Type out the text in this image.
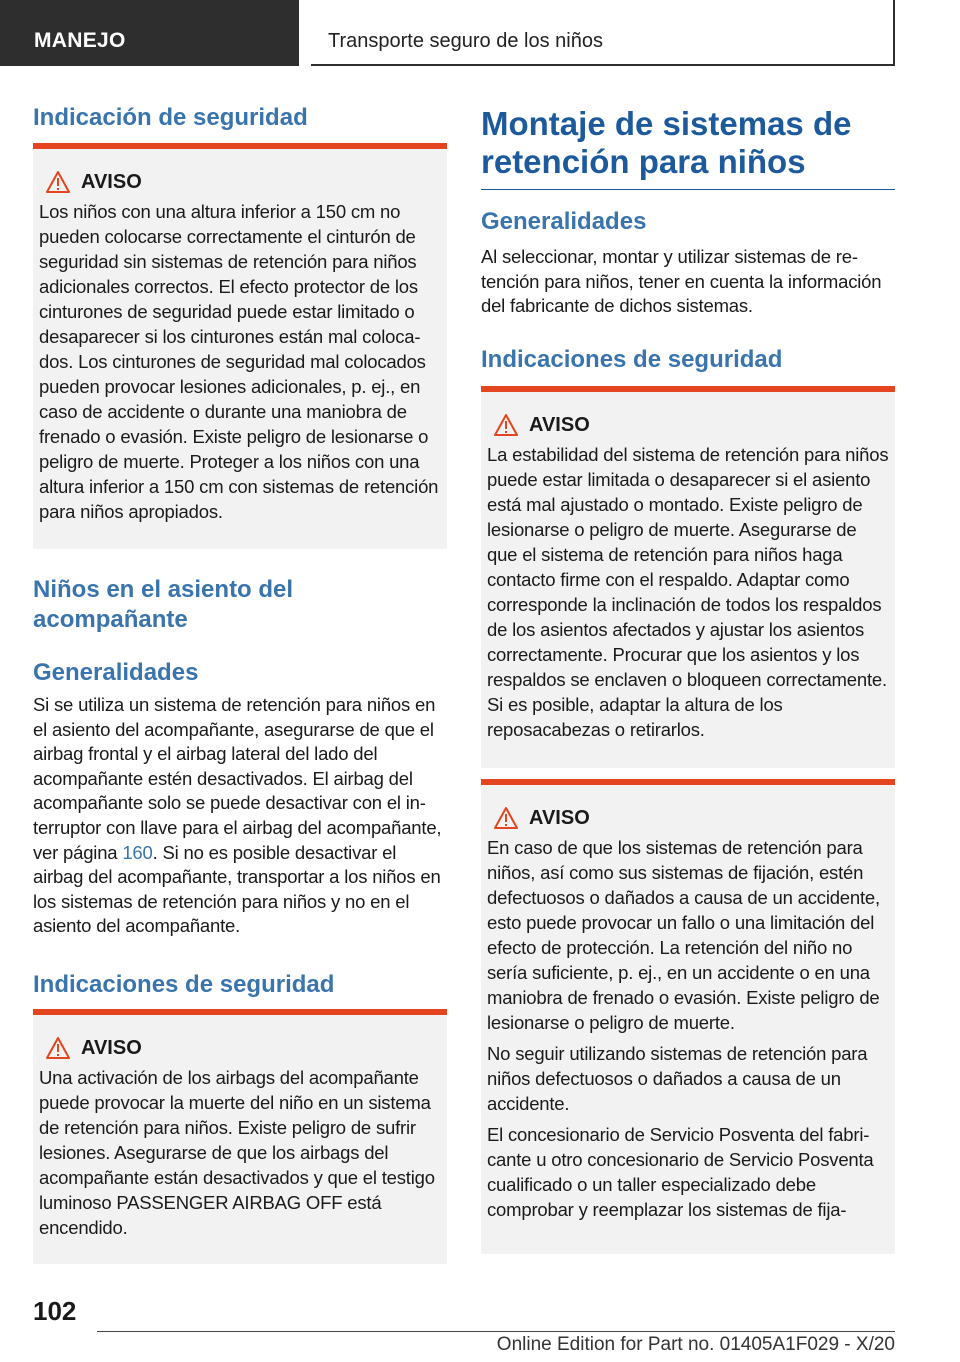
MANEJO	Transporte seguro de los niños
Indicación de seguridad
AVISO

Los niños con una altura inferior a 150 cm no pueden colocarse correctamente el cinturón de seguridad sin sistemas de retención para niños adicionales correctos. El efecto protector de los cinturones de seguridad puede estar limitado o desaparecer si los cinturones están mal colocados. Los cinturones de seguridad mal colocados pueden provocar lesiones adicionales, p. ej., en caso de accidente o durante una maniobra de frenado o evasión. Existe peligro de lesionarse o peligro de muerte. Proteger a los niños con una altura inferior a 150 cm con sistemas de retención para niños apropiados.

Niños en el asiento del acompañante
Generalidades

Si se utiliza un sistema de retención para niños en el asiento del acompañante, asegurarse de que el airbag frontal y el airbag lateral del lado del acompañante estén desactivados. El airbag del acompañante solo se puede desactivar con el interruptor con llave para el airbag del acompañante, ver página 160. Si no es posible desactivar el airbag del acompañante, transportar a los niños en los sistemas de retención para niños y no en el asiento del acompañante.

Indicaciones de seguridad
AVISO

Una activación de los airbags del acompañante puede provocar la muerte del niño en un sistema de retención para niños. Existe peligro de sufrir lesiones. Asegurarse de que los airbags del acompañante están desactivados y que el testigo luminoso PASSENGER AIRBAG OFF está encendido.

Montaje de sistemas de retención para niños
Generalidades

Al seleccionar, montar y utilizar sistemas de retención para niños, tener en cuenta la información del fabricante de dichos sistemas.

Indicaciones de seguridad
AVISO

La estabilidad del sistema de retención para niños puede estar limitada o desaparecer si el asiento está mal ajustado o montado. Existe peligro de lesionarse o peligro de muerte. Asegurarse de que el sistema de retención para niños haga contacto firme con el respaldo. Adaptar como corresponde la inclinación de todos los respaldos de los asientos afectados y ajustar los asientos correctamente. Procurar que los asientos y los respaldos se enclaven o bloqueen correctamente. Si es posible, adaptar la altura de los reposacabezas o retirarlos.

AVISO

En caso de que los sistemas de retención para niños, así como sus sistemas de fijación, estén defectuosos o dañados a causa de un accidente, esto puede provocar un fallo o una limitación del efecto de protección. La retención del niño no sería suficiente, p. ej., en un accidente o en una maniobra de frenado o evasión. Existe peligro de lesionarse o peligro de muerte.

No seguir utilizando sistemas de retención para niños defectuosos o dañados a causa de un accidente.

El concesionario de Servicio Posventa del fabricante u otro concesionario de Servicio Posventa cualificado o un taller especializado debe comprobar y reemplazar los sistemas de fija-

102
Online Edition for Part no. 01405A1F029 - X/20
